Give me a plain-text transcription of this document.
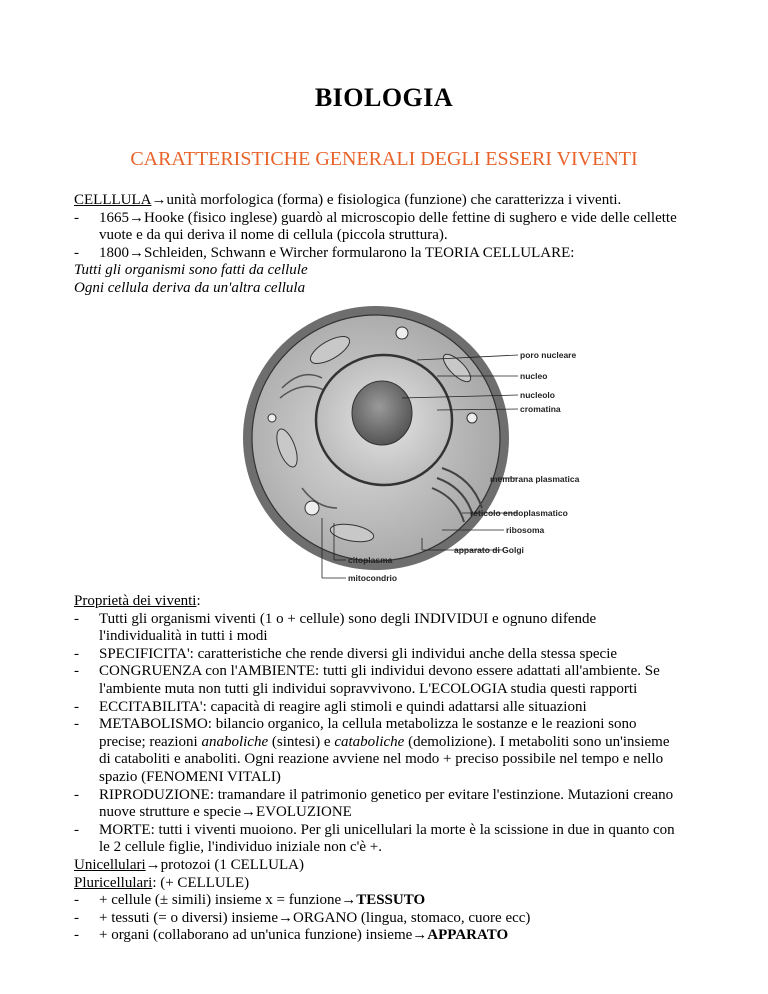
BIOLOGIA
CARATTERISTICHE GENERALI DEGLI ESSERI VIVENTI
CELLLULA→unità morfologica (forma) e fisiologica (funzione) che caratterizza i viventi.
- 1665→Hooke (fisico inglese) guardò al microscopio delle fettine di sughero e vide delle cellette
vuote e da qui deriva il nome di cellula (piccola struttura).
- 1800→Schleiden, Schwann e Wircher formularono la TEORIA CELLULARE:
Tutti gli organismi sono fatti da cellule
Ogni cellula deriva da un'altra cellula
poro nucleare
nucleo
nucleolo
cromatina
membrana plasmatica
reticolo endoplasmatico
ribosoma
apparato di Golgi
citoplasma
mitocondrio
Proprietà dei viventi:
- Tutti gli organismi viventi (1 o + cellule) sono degli INDIVIDUI e ognuno difende
l'individualità in tutti i modi
- SPECIFICITA': caratteristiche che rende diversi gli individui anche della stessa specie
- CONGRUENZA con l'AMBIENTE: tutti gli individui devono essere adattati all'ambiente. Se
l'ambiente muta non tutti gli individui sopravvivono. L'ECOLOGIA studia questi rapporti
- ECCITABILITA': capacità di reagire agli stimoli e quindi adattarsi alle situazioni
- METABOLISMO: bilancio organico, la cellula metabolizza le sostanze e le reazioni sono
precise; reazioni anaboliche (sintesi) e cataboliche (demolizione). I metaboliti sono un'insieme
di cataboliti e anaboliti. Ogni reazione avviene nel modo + preciso possibile nel tempo e nello
spazio (FENOMENI VITALI)
- RIPRODUZIONE: tramandare il patrimonio genetico per evitare l'estinzione. Mutazioni creano
nuove strutture e specie→EVOLUZIONE
- MORTE: tutti i viventi muoiono. Per gli unicellulari la morte è la scissione in due in quanto con
le 2 cellule figlie, l'individuo iniziale non c'è +.
Unicellulari→protozoi (1 CELLULA)
Pluricellulari: (+ CELLULE)
- + cellule (± simili) insieme x = funzione→TESSUTO
- + tessuti (= o diversi) insieme→ORGANO (lingua, stomaco, cuore ecc)
- + organi (collaborano ad un'unica funzione) insieme→APPARATO
